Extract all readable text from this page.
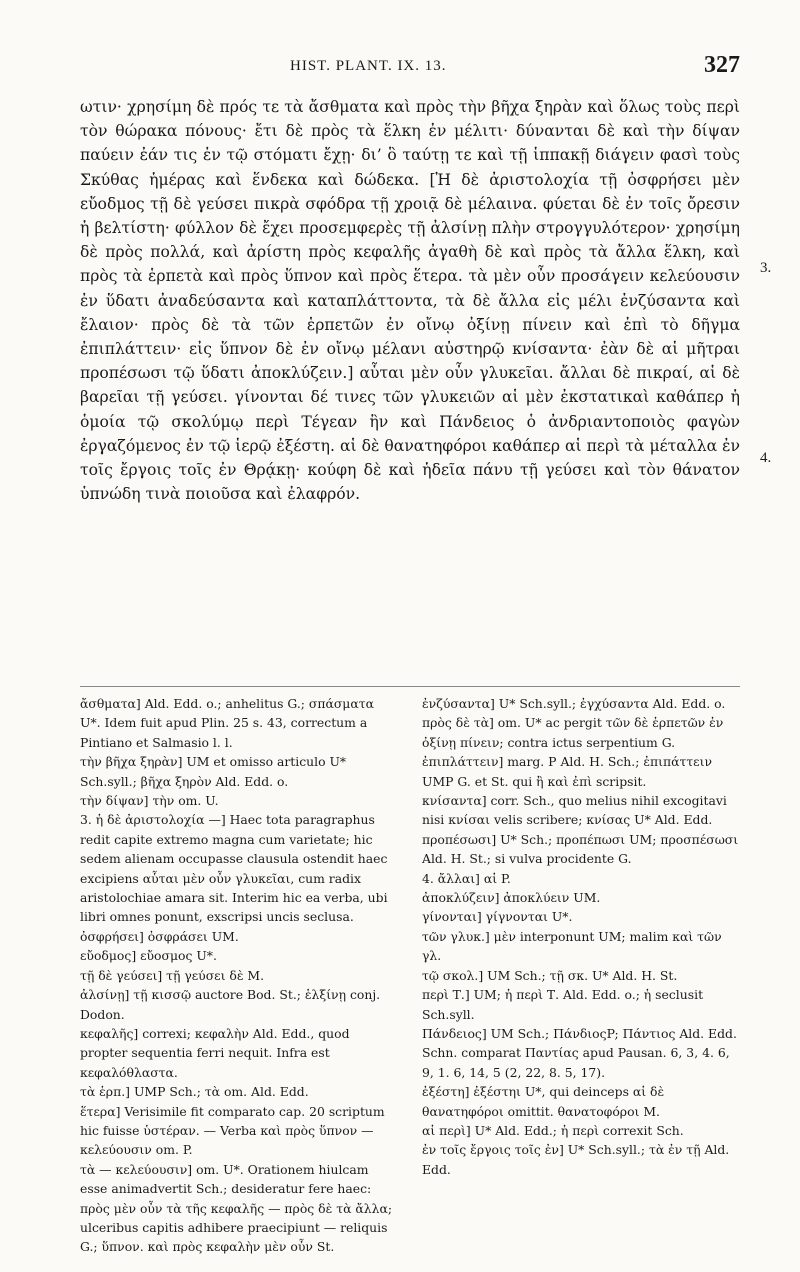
HIST. PLANT. IX. 13.	327

ωτιν· χρησίμη δὲ πρός τε τὰ ἄσθματα καὶ πρὸς τὴν βῆχα ξηρὰν καὶ ὅλως τοὺς περὶ τὸν θώρακα πόνους· ἔτι δὲ πρὸς τὰ ἕλκη ἐν μέλιτι· δύνανται δὲ καὶ τὴν δίψαν παύειν ἐάν τις ἐν τῷ στόματι ἔχῃ· δι’ ὃ ταύτῃ τε καὶ τῇ ἱππακῇ διάγειν φασὶ τοὺς Σκύθας ἡμέρας καὶ ἕνδεκα καὶ δώδεκα. [Ἡ δὲ ἀριστολοχία τῇ ὀσφρήσει μὲν εὔοδμος τῇ δὲ γεύσει πικρὰ σφόδρα τῇ χροιᾷ δὲ μέλαινα. φύεται δὲ ἐν τοῖς ὄρεσιν ἡ βελτίστη· φύλλον δὲ ἔχει προσεμφερὲς τῇ ἀλσίνῃ πλὴν στρογγυλότερον· χρησίμη δὲ πρὸς πολλά, καὶ ἀρίστη πρὸς κεφαλῆς ἀγαθὴ δὲ καὶ πρὸς τὰ ἄλλα ἕλκη, καὶ πρὸς τὰ ἑρπετὰ καὶ πρὸς ὕπνον καὶ πρὸς ἕτερα. τὰ μὲν οὖν προσάγειν κελεύουσιν ἐν ὕδατι ἀναδεύσαντα καὶ καταπλάττοντα, τὰ δὲ ἄλλα εἰς μέλι ἐνζύσαντα καὶ ἔλαιον· πρὸς δὲ τὰ τῶν ἑρπετῶν ἐν οἴνῳ ὀξίνῃ πίνειν καὶ ἐπὶ τὸ δῆγμα ἐπιπλάττειν· εἰς ὕπνον δὲ ἐν οἴνῳ μέλανι αὐστηρῷ κνίσαντα· ἐὰν δὲ αἱ μῆτραι προπέσωσι τῷ ὕδατι ἀποκλύζειν.] αὗται μὲν οὖν γλυκεῖαι. ἄλλαι δὲ πικραί, αἱ δὲ βαρεῖαι τῇ γεύσει. γίνονται δέ τινες τῶν γλυκειῶν αἱ μὲν ἐκστατικαὶ καθάπερ ἡ ὁμοία τῷ σκολύμῳ περὶ Τέγεαν ἣν καὶ Πάνδειος ὁ ἀνδριαντοποιὸς φαγὼν ἐργαζόμενος ἐν τῷ ἱερῷ ἐξέστη. αἱ δὲ θανατηφόροι καθάπερ αἱ περὶ τὰ μέταλλα ἐν τοῖς ἔργοις τοῖς ἐν Θρᾴκῃ· κούφη δὲ καὶ ἡδεῖα πάνυ τῇ γεύσει καὶ τὸν θάνατον ὑπνώδη τινὰ ποιοῦσα καὶ ἐλαφρόν.

3.
4.

ἄσθματα] Ald. Edd. o.; anhelitus G.; σπάσματα U*. Idem fuit apud Plin. 25 s. 43, correctum a Pintiano et Salmasio l. l.

τὴν βῆχα ξηρὰν] UM et omisso articulo U* Sch.syll.; βῆχα ξηρὸν Ald. Edd. o.

τὴν δίψαν] τὴν om. U.

3. ἡ δὲ ἀριστολοχία —] Haec tota paragraphus redit capite extremo magna cum varietate; hic sedem alienam occupasse clausula ostendit haec excipiens αὗται μὲν οὖν γλυκεῖαι, cum radix aristolochiae amara sit. Interim hic ea verba, ubi libri omnes ponunt, exscripsi uncis seclusa.

ὀσφρήσει] ὀσφράσει UM.

εὔοδμος] εὔοσμος U*.

τῇ δὲ γεύσει] τῇ γεύσει δὲ M.

ἀλσίνῃ] τῇ κισσῷ auctore Bod. St.; ἑλξίνῃ conj. Dodon.

κεφαλῆς] correxi; κεφαλὴν Ald. Edd., quod propter sequentia ferri nequit. Infra est κεφαλόθλαστα.

τὰ ἑρπ.] UMP Sch.; τὰ om. Ald. Edd.

ἕτερα] Verisimile fit comparato cap. 20 scriptum hic fuisse ὑστέραν. — Verba καὶ πρὸς ὕπνον — κελεύουσιν om. P.

τὰ — κελεύουσιν] om. U*. Orationem hiulcam esse animadvertit Sch.; desideratur fere haec: πρὸς μὲν οὖν τὰ τῆς κεφαλῆς — πρὸς δὲ τὰ ἄλλα; ulceribus capitis adhibere praecipiunt — reliquis G.; ὕπνον. καὶ πρὸς κεφαλὴν μὲν οὖν St.

ἐνζύσαντα] U* Sch.syll.; ἐγχύσαντα Ald. Edd. o.

πρὸς δὲ τὰ] om. U* ac pergit τῶν δὲ ἑρπετῶν ἐν ὀξίνῃ πίνειν; contra ictus serpentium G.

ἐπιπλάττειν] marg. P Ald. H. Sch.; ἐπιπάττειν UMP G. et St. qui ἢ καὶ ἐπὶ scripsit.

κνίσαντα] corr. Sch., quo melius nihil excogitavi nisi κνίσαι velis scribere; κνίσας U* Ald. Edd.

προπέσωσι] U* Sch.; προπέπωσι UM; προσπέσωσι Ald. H. St.; si vulva procidente G.

4. ἄλλαι] αἱ P.

ἀποκλύζειν] ἀποκλύειν UM.

γίνονται] γίγνονται U*.

τῶν γλυκ.] μὲν interponunt UM; malim καὶ τῶν γλ.

τῷ σκολ.] UM Sch.; τῇ σκ. U* Ald. H. St.

περὶ Τ.] UM; ἡ περὶ Τ. Ald. Edd. o.; ἡ seclusit Sch.syll.

Πάνδειος] UM Sch.; ΠάνδιοςP; Πάντιος Ald. Edd. Schn. comparat Παντίας apud Pausan. 6, 3, 4. 6, 9, 1. 6, 14, 5 (2, 22, 8. 5, 17).

ἐξέστη] ἐξέστηι U*, qui deinceps αἱ δὲ θανατηφόροι omittit. θανατοφόροι M.

αἱ περὶ] U* Ald. Edd.; ἡ περὶ correxit Sch.

ἐν τοῖς ἔργοις τοῖς ἐν] U* Sch.syll.; τὰ ἐν τῇ Ald. Edd.
